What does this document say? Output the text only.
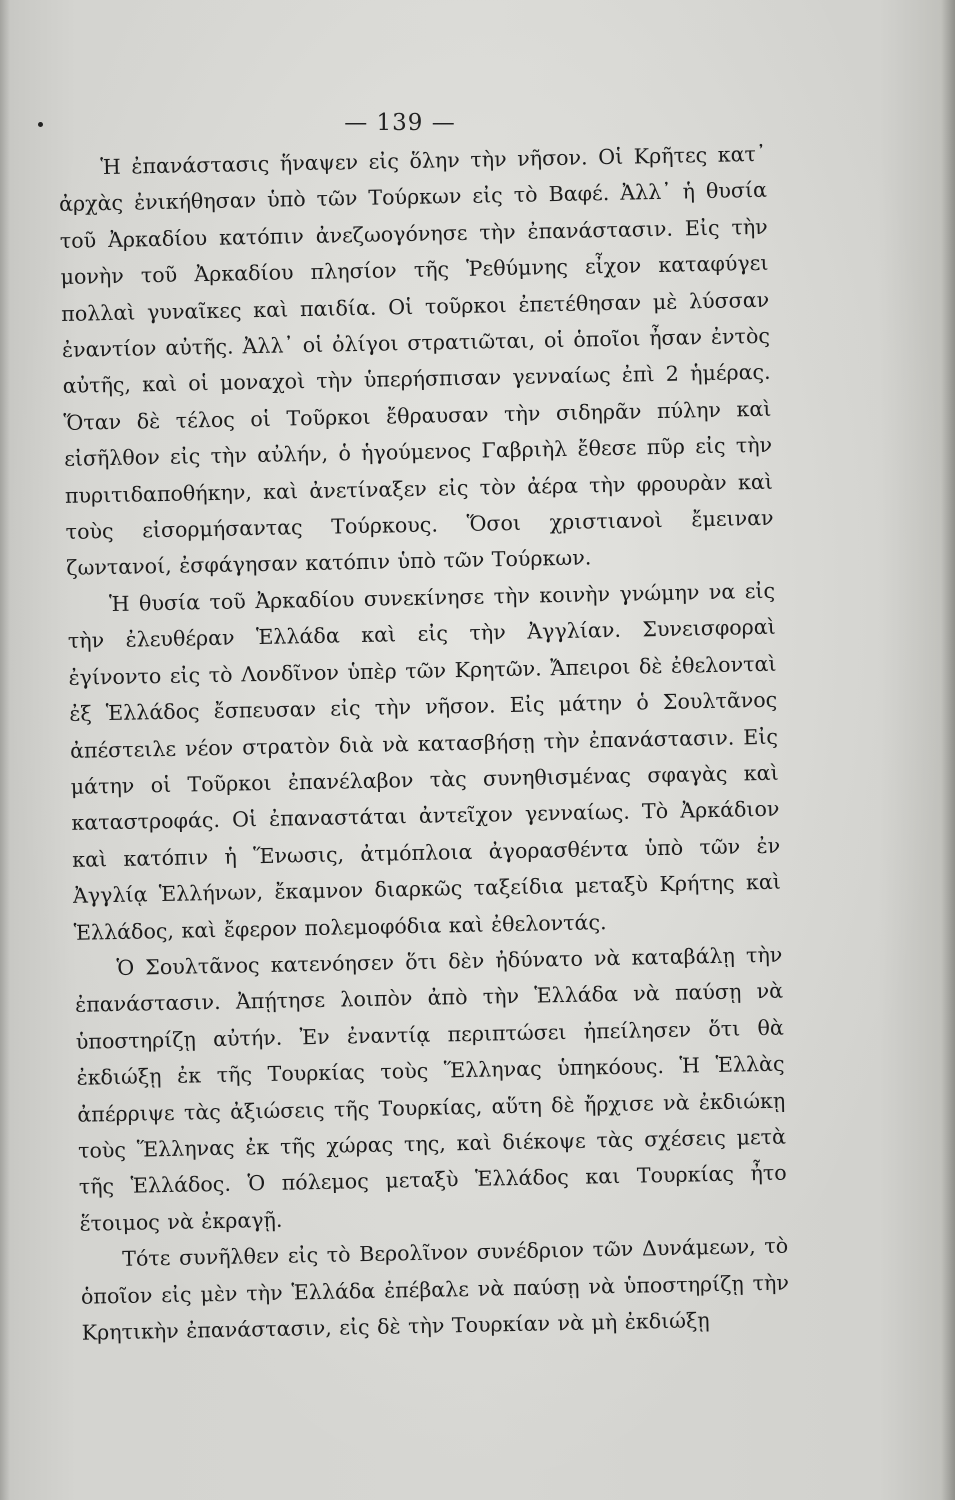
— 139 —

Ἡ ἐπανάστασις ἥναψεν εἰς ὅλην τὴν νῆσον. Οἱ Κρῆτες κατ᾽ ἀρχὰς ἐνικήθησαν ὑπὸ τῶν Τούρκων εἰς τὸ Βαφέ. Ἀλλ᾽ ἡ θυσία τοῦ Ἀρκαδίου κατόπιν ἀνεζωογόνησε τὴν ἐπανάστασιν. Εἰς τὴν μονὴν τοῦ Ἀρκαδίου πλησίον τῆς Ῥεθύμνης εἶχον καταφύγει πολλαὶ γυναῖκες καὶ παιδία. Οἱ τοῦρκοι ἐπετέθησαν μὲ λύσσαν ἐναντίον αὐτῆς. Ἀλλ᾽ οἱ ὀλίγοι στρατιῶται, οἱ ὁποῖοι ἦσαν ἐντὸς αὐτῆς, καὶ οἱ μοναχοὶ τὴν ὑπερήσπισαν γενναίως ἐπὶ 2 ἡμέρας. Ὅταν δὲ τέλος οἱ Τοῦρκοι ἔθραυσαν τὴν σιδηρᾶν πύλην καὶ εἰσῆλθον εἰς τὴν αὐλήν, ὁ ἡγούμενος Γαβριὴλ ἔθεσε πῦρ εἰς τὴν πυριτιδαποθήκην, καὶ ἀνετίναξεν εἰς τὸν ἀέρα τὴν φρουρὰν καὶ τοὺς εἰσορμήσαντας Τούρκους. Ὅσοι χριστιανοὶ ἔμειναν ζωντανοί, ἐσφάγησαν κατόπιν ὑπὸ τῶν Τούρκων.

Ἡ θυσία τοῦ Ἀρκαδίου συνεκίνησε τὴν κοινὴν γνώμην να εἰς τὴν ἐλευθέραν Ἑλλάδα καὶ εἰς τὴν Ἀγγλίαν. Συνεισφοραὶ ἐγίνοντο εἰς τὸ Λονδῖνον ὑπὲρ τῶν Κρητῶν. Ἄπειροι δὲ ἐθελονταὶ ἐξ Ἑλλάδος ἔσπευσαν εἰς τὴν νῆσον. Εἰς μάτην ὁ Σουλτᾶνος ἀπέστειλε νέον στρατὸν διὰ νὰ κατασβήσῃ τὴν ἐπανάστασιν. Εἰς μάτην οἱ Τοῦρκοι ἐπανέλαβον τὰς συνηθισμένας σφαγὰς καὶ καταστροφάς. Οἱ ἐπαναστάται ἀντεῖχον γενναίως. Τὸ Ἀρκάδιον καὶ κατόπιν ἡ Ἕνωσις, ἀτμόπλοια ἀγορασθέντα ὑπὸ τῶν ἐν Ἀγγλίᾳ Ἑλλήνων, ἔκαμνον διαρκῶς ταξείδια μεταξὺ Κρήτης καὶ Ἑλλάδος, καὶ ἔφερον πολεμοφόδια καὶ ἐθελοντάς.

Ὁ Σουλτᾶνος κατενόησεν ὅτι δὲν ἠδύνατο νὰ καταβάλῃ τὴν ἐπανάστασιν. Ἀπῄτησε λοιπὸν ἀπὸ τὴν Ἑλλάδα νὰ παύσῃ νὰ ὑποστηρίζῃ αὐτήν. Ἐν ἐναντίᾳ περιπτώσει ἠπείλησεν ὅτι θὰ ἐκδιώξῃ ἐκ τῆς Τουρκίας τοὺς Ἕλληνας ὑπηκόους. Ἡ Ἑλλὰς ἀπέρριψε τὰς ἀξιώσεις τῆς Τουρκίας, αὕτη δὲ ἤρχισε νὰ ἐκδιώκῃ τοὺς Ἕλληνας ἐκ τῆς χώρας της, καὶ διέκοψε τὰς σχέσεις μετὰ τῆς Ἑλλάδος. Ὁ πόλεμος μεταξὺ Ἑλλάδος και Τουρκίας ἦτο ἕτοιμος νὰ ἐκραγῇ.

Τότε συνῆλθεν εἰς τὸ Βερολῖνον συνέδριον τῶν Δυνάμεων, τὸ ὁποῖον εἰς μὲν τὴν Ἑλλάδα ἐπέβαλε νὰ παύσῃ νὰ ὑποστηρίζῃ τὴν Κρητικὴν ἐπανάστασιν, εἰς δὲ τὴν Τουρκίαν νὰ μὴ ἐκδιώξῃ
